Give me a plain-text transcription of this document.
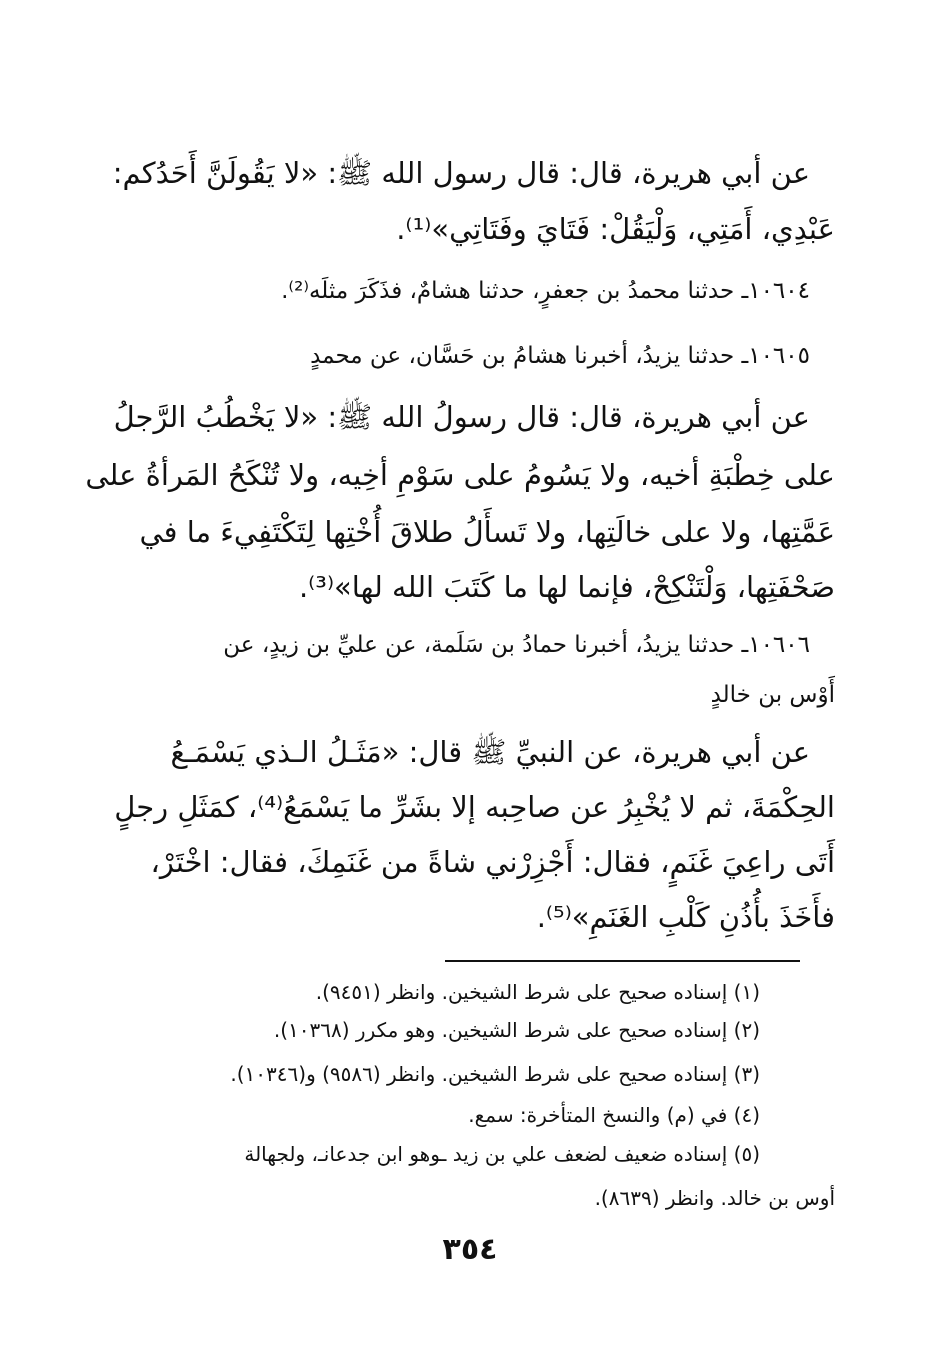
عن أبي هريرة، قال: قال رسول الله ﷺ: «لا يَقُولَنَّ أَحَدُكم:
عَبْدِي، أَمَتِي، وَلْيَقُلْ: فَتَايَ وفَتَاتِي»⁽¹⁾.
١٠٦٠٤ـ حدثنا محمدُ بن جعفرٍ، حدثنا هشامٌ، فذَكَرَ مثلَه⁽²⁾.
١٠٦٠٥ـ حدثنا يزيدُ، أخبرنا هشامُ بن حَسَّان، عن محمدٍ
عن أبي هريرة، قال: قال رسولُ الله ﷺ: «لا يَخْطُبُ الرَّجلُ
على خِطْبَةِ أخيه، ولا يَسُومُ على سَوْمِ أخِيه، ولا تُنْكَحُ المَرأةُ على
عَمَّتِها، ولا على خالَتِها، ولا تَسأَلُ طلاقَ أُخْتِها لِتَكْتَفِيءَ ما في
صَحْفَتِها، وَلْتَنْكِحْ، فإنما لها ما كَتَبَ الله لها»⁽³⁾.
١٠٦٠٦ـ حدثنا يزيدُ، أخبرنا حمادُ بن سَلَمة، عن عليِّ بن زيدٍ، عن
أَوْس بن خالدٍ
عن أبي هريرة، عن النبيِّ ﷺ قال: «مَثَـلُ الـذي يَسْمَـعُ
الحِكْمَةَ، ثم لا يُخْبِرُ عن صاحِبه إلا بشَرِّ ما يَسْمَعُ⁽⁴⁾، كمَثَلِ رجلٍ
أَتَى راعِيَ غَنَمٍ، فقال: أَجْزِرْني شاةً من غَنَمِكَ، فقال: اخْتَرْ،
فأَخَذَ بأُذُنِ كَلْبِ الغَنَمِ»⁽⁵⁾.
(١) إسناده صحيح على شرط الشيخين. وانظر (٩٤٥١).
(٢) إسناده صحيح على شرط الشيخين. وهو مكرر (١٠٣٦٨).
(٣) إسناده صحيح على شرط الشيخين. وانظر (٩٥٨٦) و(١٠٣٤٦).
(٤) في (م) والنسخ المتأخرة: سمع.
(٥) إسناده ضعيف لضعف علي بن زيد ـوهو ابن جدعانـ، ولجهالة
أوس بن خالد. وانظر (٨٦٣٩).
٣٥٤
